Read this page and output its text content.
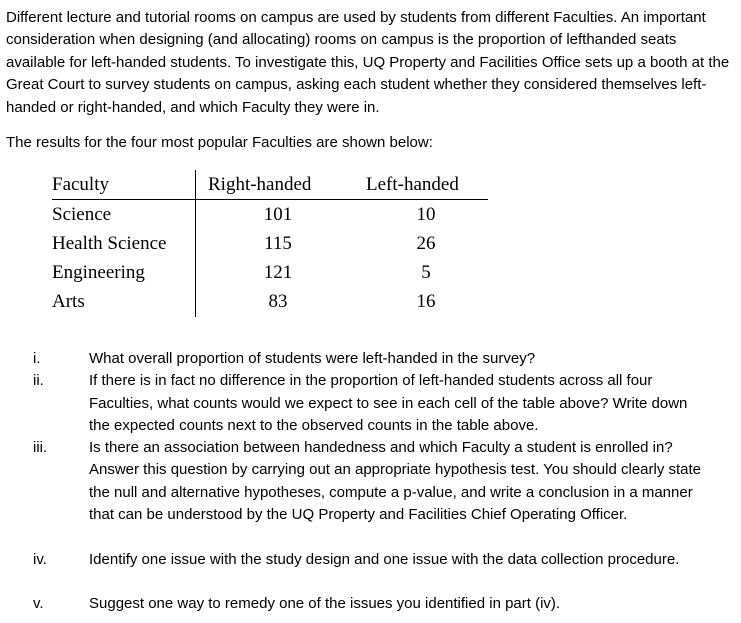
Different lecture and tutorial rooms on campus are used by students from different Faculties. An important consideration when designing (and allocating) rooms on campus is the proportion of lefthanded seats available for left-handed students. To investigate this, UQ Property and Facilities Office sets up a booth at the Great Court to survey students on campus, asking each student whether they considered themselves left-handed or right-handed, and which Faculty they were in.
The results for the four most popular Faculties are shown below:
Faculty	Right-handed	Left-handed
Science	101	10
Health Science	115	26
Engineering	121	5
Arts	83	16
i.	What overall proportion of students were left-handed in the survey?
ii.	If there is in fact no difference in the proportion of left-handed students across all four Faculties, what counts would we expect to see in each cell of the table above? Write down the expected counts next to the observed counts in the table above.
iii.	Is there an association between handedness and which Faculty a student is enrolled in? Answer this question by carrying out an appropriate hypothesis test. You should clearly state the null and alternative hypotheses, compute a p-value, and write a conclusion in a manner that can be understood by the UQ Property and Facilities Chief Operating Officer.
iv.	Identify one issue with the study design and one issue with the data collection procedure.
v.	Suggest one way to remedy one of the issues you identified in part (iv).
